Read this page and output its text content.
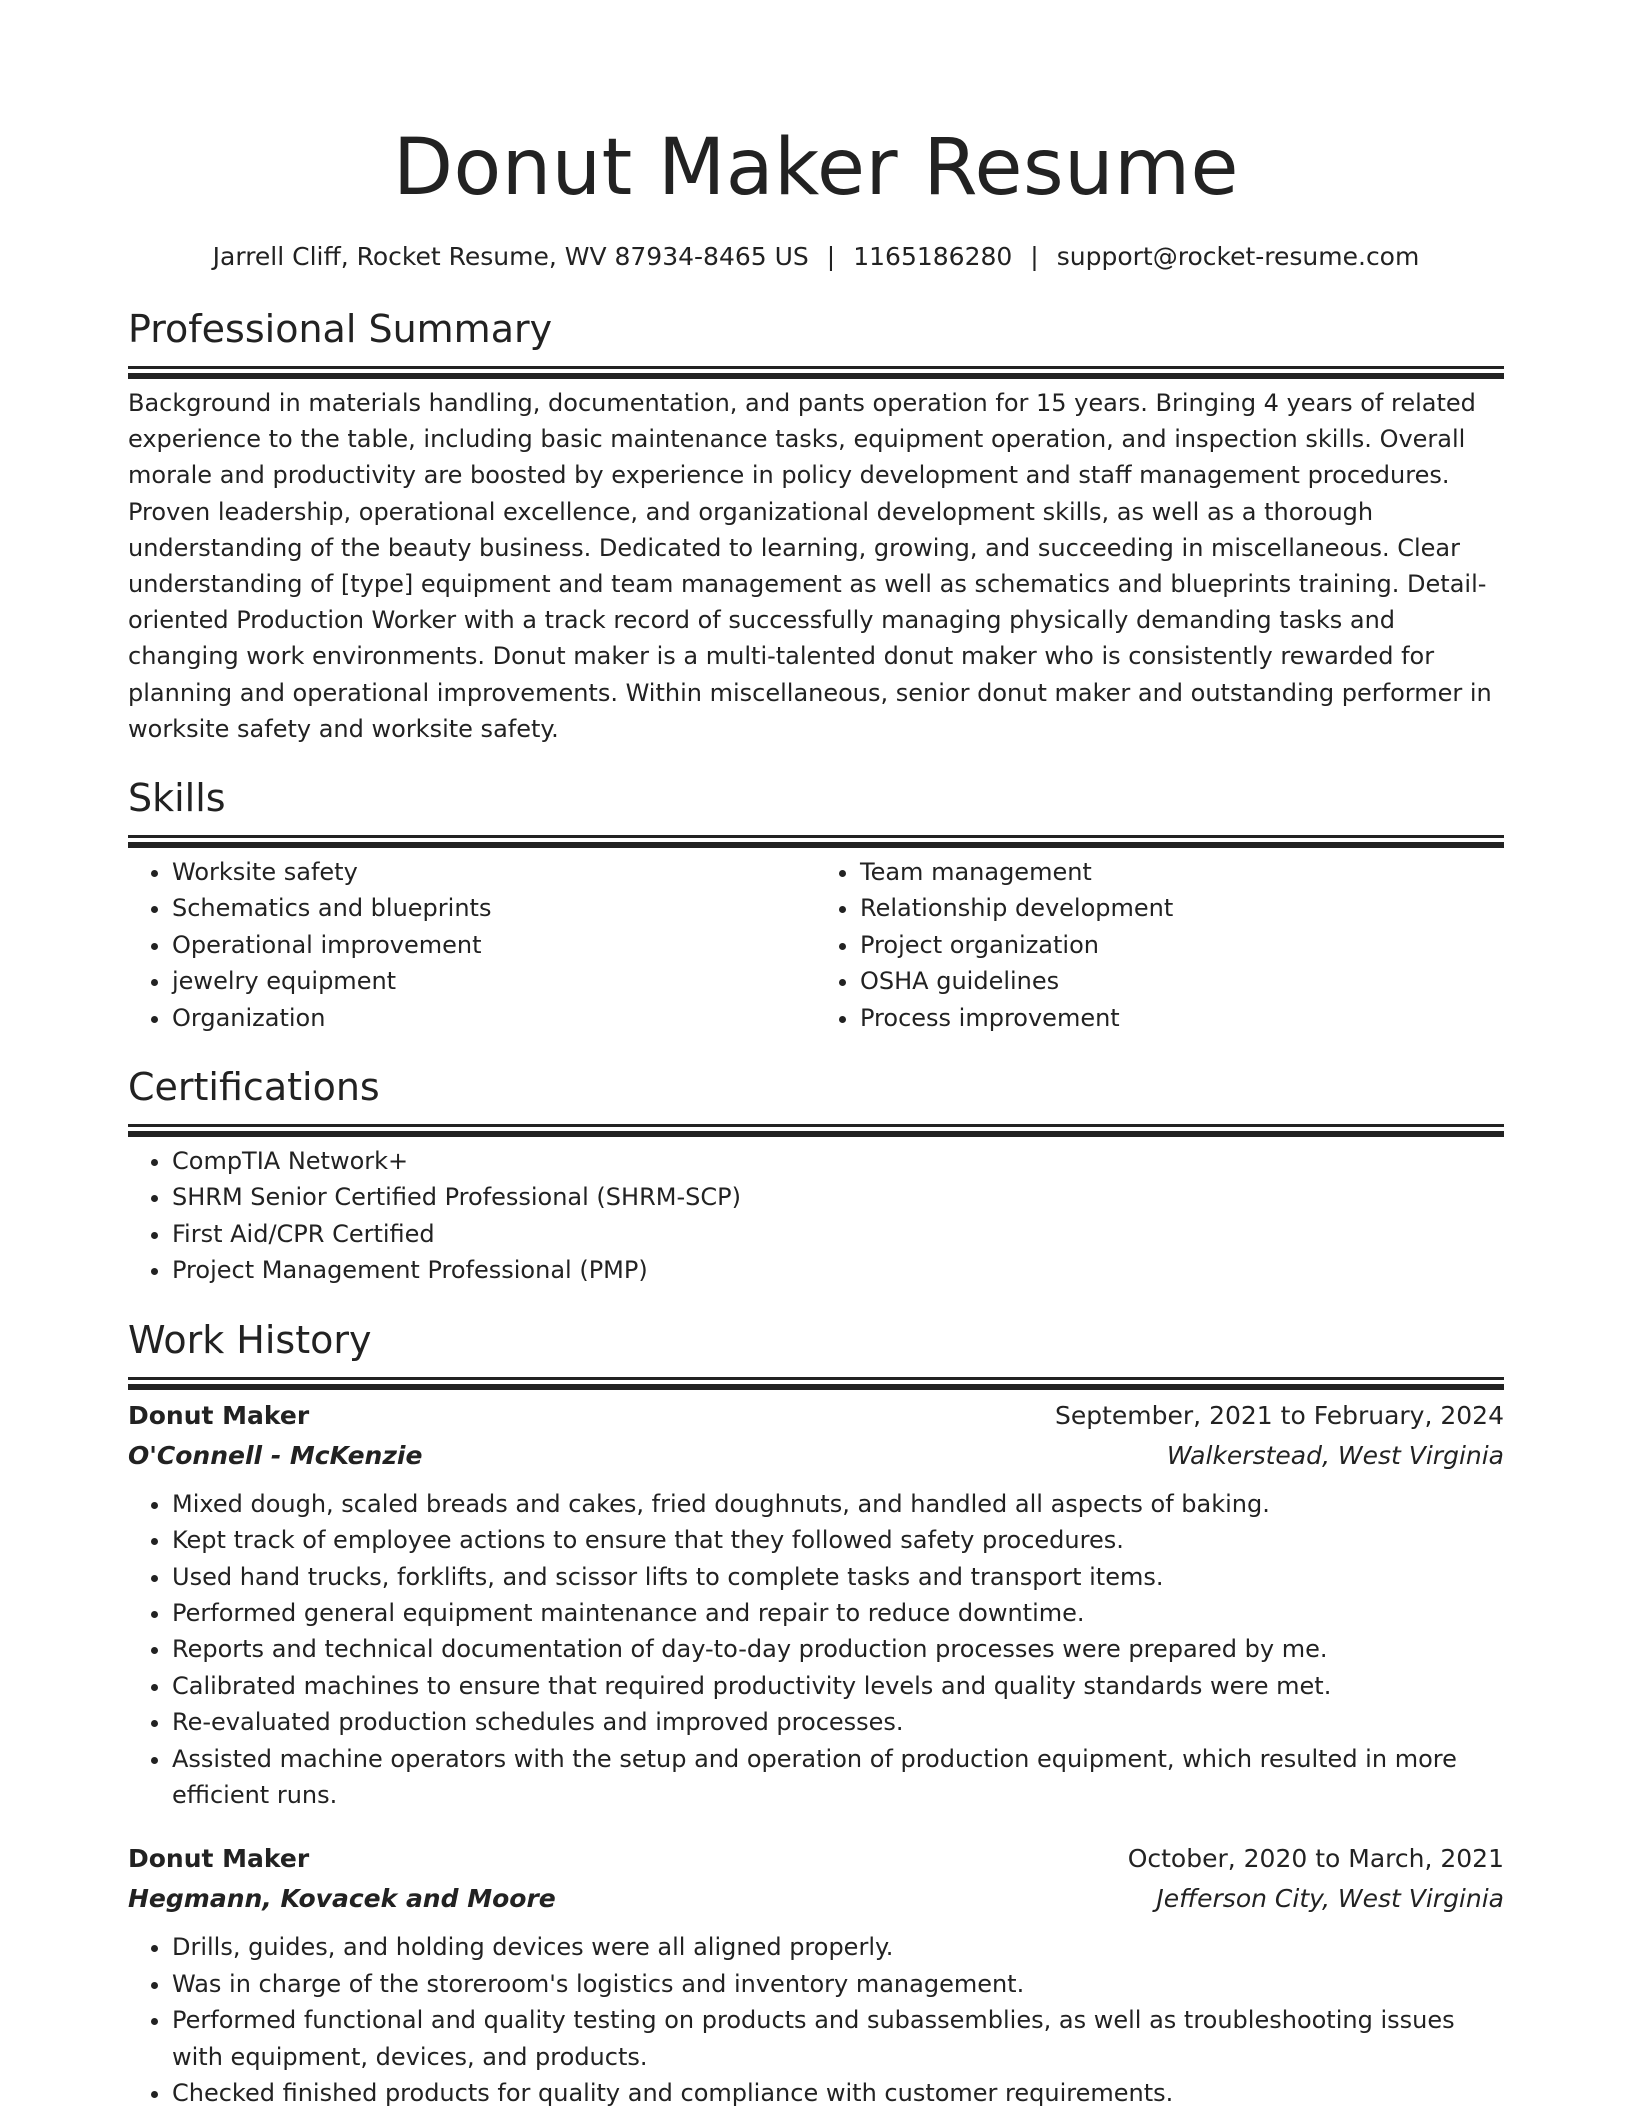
Donut Maker Resume
Jarrell Cliff, Rocket Resume, WV 87934-8465 US | 1165186280 | support@rocket-resume.com
Professional Summary

Background in materials handling, documentation, and pants operation for 15 years. Bringing 4 years of related experience to the table, including basic maintenance tasks, equipment operation, and inspection skills. Overall morale and productivity are boosted by experience in policy development and staff management procedures. Proven leadership, operational excellence, and organizational development skills, as well as a thorough understanding of the beauty business. Dedicated to learning, growing, and succeeding in miscellaneous. Clear understanding of [type] equipment and team management as well as schematics and blueprints training. Detail-oriented Production Worker with a track record of successfully managing physically demanding tasks and changing work environments. Donut maker is a multi-talented donut maker who is consistently rewarded for planning and operational improvements. Within miscellaneous, senior donut maker and outstanding performer in worksite safety and worksite safety.

Skills
• Worksite safety
• Schematics and blueprints
• Operational improvement
• jewelry equipment
• Organization
• Team management
• Relationship development
• Project organization
• OSHA guidelines
• Process improvement
Certifications
• CompTIA Network+
• SHRM Senior Certified Professional (SHRM-SCP)
• First Aid/CPR Certified
• Project Management Professional (PMP)
Work History
Donut Maker	September, 2021 to February, 2024
O'Connell - McKenzie	Walkerstead, West Virginia
• Mixed dough, scaled breads and cakes, fried doughnuts, and handled all aspects of baking.
• Kept track of employee actions to ensure that they followed safety procedures.
• Used hand trucks, forklifts, and scissor lifts to complete tasks and transport items.
• Performed general equipment maintenance and repair to reduce downtime.
• Reports and technical documentation of day-to-day production processes were prepared by me.
• Calibrated machines to ensure that required productivity levels and quality standards were met.
• Re-evaluated production schedules and improved processes.
• Assisted machine operators with the setup and operation of production equipment, which resulted in more efficient runs.
Donut Maker	October, 2020 to March, 2021
Hegmann, Kovacek and Moore	Jefferson City, West Virginia
• Drills, guides, and holding devices were all aligned properly.
• Was in charge of the storeroom's logistics and inventory management.
• Performed functional and quality testing on products and subassemblies, as well as troubleshooting issues with equipment, devices, and products.
• Checked finished products for quality and compliance with customer requirements.
